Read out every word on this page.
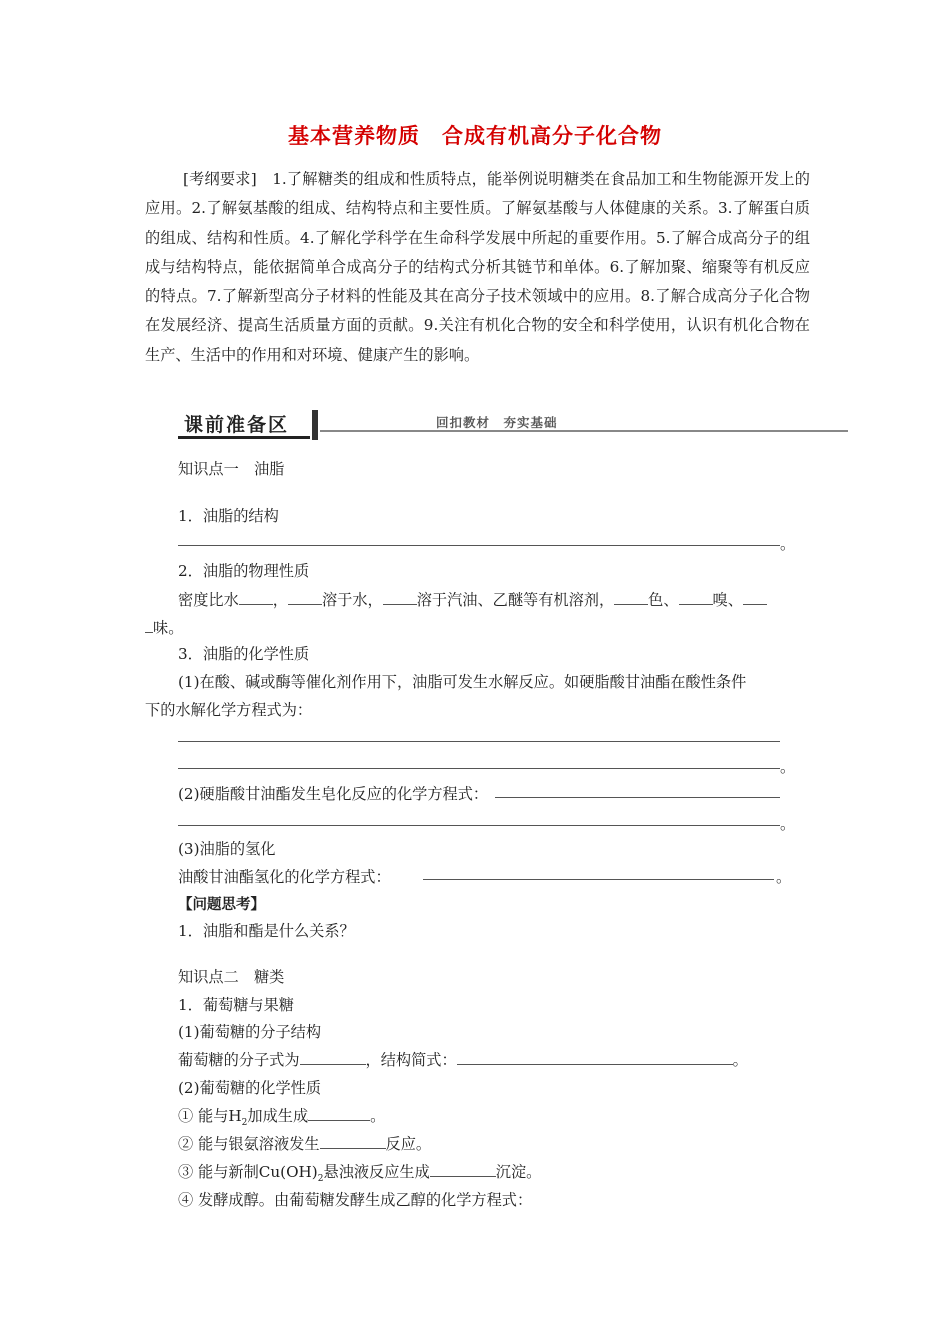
基本营养物质　合成有机高分子化合物
[考纲要求]　 1.了解糖类的组成和性质特点，能举例说明糖类在食品加工和生物能源开发上的应用。2.了解氨基酸的组成、结构特点和主要性质。了解氨基酸与人体健康的关系。3.了解蛋白质的组成、结构和性质。4.了解化学科学在生命科学发展中所起的重要作用。5.了解合成高分子的组成与结构特点，能依据简单合成高分子的结构式分析其链节和单体。6.了解加聚、缩聚等有机反应的特点。7.了解新型高分子材料的性能及其在高分子技术领域中的应用。8.了解合成高分子化合物在发展经济、提高生活质量方面的贡献。9.关注有机化合物的安全和科学使用，认识有机化合物在生产、生活中的作用和对环境、健康产生的影响。
课前准备区	回扣教材　夯实基础
知识点一　油脂
1．油脂的结构
。
2．油脂的物理性质
密度比水 ， 溶于水， 溶于汽油、乙醚等有机溶剂， 色、 嗅、
味。
3．油脂的化学性质
(1)在酸、碱或酶等催化剂作用下，油脂可发生水解反应。如硬脂酸甘油酯在酸性条件
下的水解化学方程式为：
。
(2)硬脂酸甘油酯发生皂化反应的化学方程式：
。
(3)油脂的氢化
油酸甘油酯氢化的化学方程式：	。
【问题思考】
1．油脂和酯是什么关系？
知识点二　糖类
1．葡萄糖与果糖
(1)葡萄糖的分子结构
葡萄糖的分子式为	，结构简式：	。
(2)葡萄糖的化学性质
① 能与$H_2$加成生成	。
② 能与银氨溶液发生	反应。
③ 能与新制$Cu(OH)_2$悬浊液反应生成	沉淀。
④ 发酵成醇。由葡萄糖发酵生成乙醇的化学方程式：
